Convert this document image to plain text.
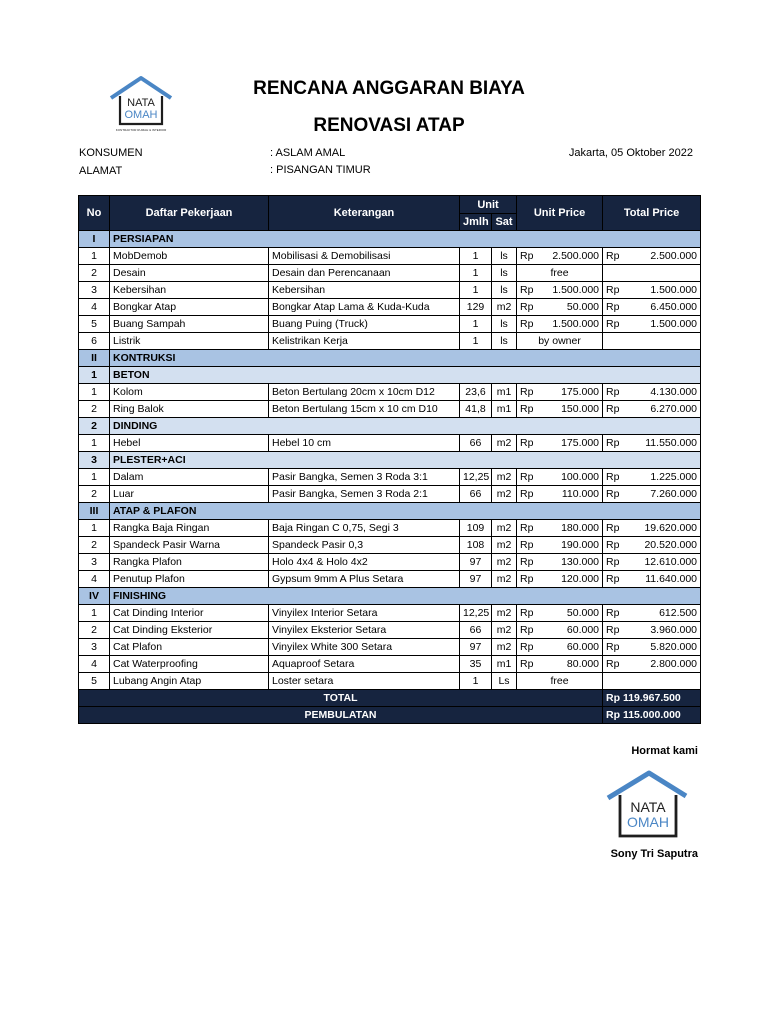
NATA
OMAH
KONTRAKTOR RUMAH & INTERIOR
RENCANA ANGGARAN BIAYA
RENOVASI ATAP
KONSUMEN	: ASLAM AMAL
ALAMAT	: PISANGAN TIMUR
Jakarta, 05 Oktober 2022
No	Daftar Pekerjaan	Keterangan	Unit		Unit Price		Total Price	
			Jmlh	Sat				
I	PERSIAPAN							
1	MobDemob	Mobilisasi & Demobilisasi	1	ls	Rp	2.500.000	Rp	2.500.000
2	Desain	Desain dan Perencanaan	1	ls	free			
3	Kebersihan	Kebersihan	1	ls	Rp	1.500.000	Rp	1.500.000
4	Bongkar Atap	Bongkar Atap Lama & Kuda-Kuda	129	m2	Rp	50.000	Rp	6.450.000
5	Buang Sampah	Buang Puing (Truck)	1	ls	Rp	1.500.000	Rp	1.500.000
6	Listrik	Kelistrikan Kerja	1	ls	by owner			
II	KONTRUKSI							
1	BETON							
1	Kolom	Beton Bertulang 20cm x 10cm D12	23,6	m1	Rp	175.000	Rp	4.130.000
2	Ring Balok	Beton Bertulang 15cm x 10 cm D10	41,8	m1	Rp	150.000	Rp	6.270.000
2	DINDING							
1	Hebel	Hebel 10 cm	66	m2	Rp	175.000	Rp	11.550.000
3	PLESTER+ACI							
1	Dalam	Pasir Bangka, Semen 3 Roda 3:1	12,25	m2	Rp	100.000	Rp	1.225.000
2	Luar	Pasir Bangka, Semen 3 Roda 2:1	66	m2	Rp	110.000	Rp	7.260.000
III	ATAP & PLAFON							
1	Rangka Baja Ringan	Baja Ringan C 0,75, Segi 3	109	m2	Rp	180.000	Rp	19.620.000
2	Spandeck Pasir Warna	Spandeck Pasir 0,3	108	m2	Rp	190.000	Rp	20.520.000
3	Rangka Plafon	Holo 4x4 & Holo 4x2	97	m2	Rp	130.000	Rp	12.610.000
4	Penutup Plafon	Gypsum 9mm A Plus Setara	97	m2	Rp	120.000	Rp	11.640.000
IV	FINISHING							
1	Cat Dinding Interior	Vinyilex Interior Setara	12,25	m2	Rp	50.000	Rp	612.500
2	Cat Dinding Eksterior	Vinyilex Eksterior Setara	66	m2	Rp	60.000	Rp	3.960.000
3	Cat Plafon	Vinyilex White 300 Setara	97	m2	Rp	60.000	Rp	5.820.000
4	Cat Waterproofing	Aquaproof Setara	35	m1	Rp	80.000	Rp	2.800.000
5	Lubang Angin Atap	Loster setara	1	Ls	free			
TOTAL							Rp 119.967.500	
PEMBULATAN							Rp 115.000.000	
Hormat kami
NATA
OMAH
Sony Tri Saputra
